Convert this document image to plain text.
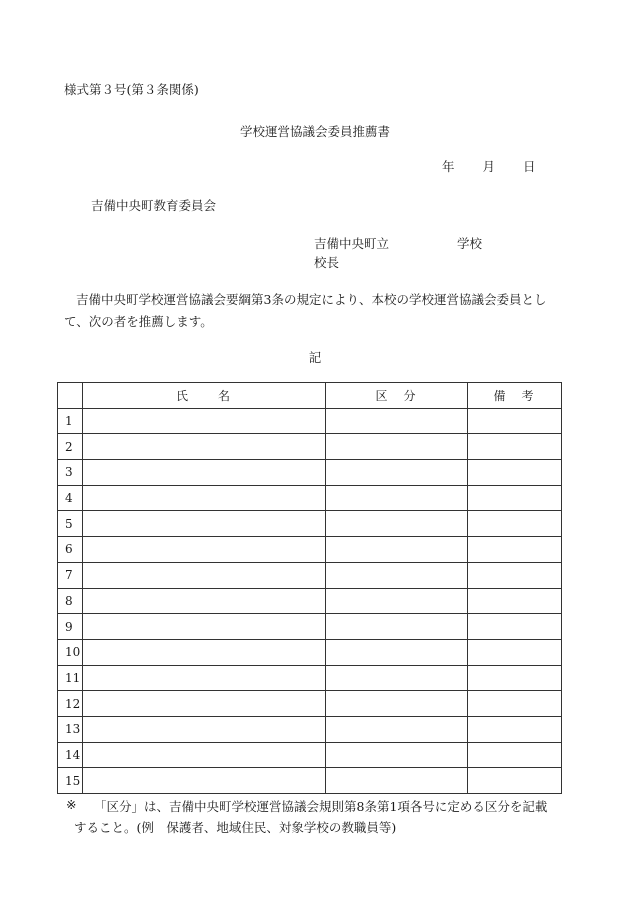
様式第３号(第３条関係)
学校運営協議会委員推薦書
年 月 日
吉備中央町教育委員会
吉備中央町立	学校
校長
吉備中央町学校運営協議会要綱第3条の規定により、本校の学校運営協議会委員として、次の者を推薦します。
記
	氏　　名	区　分	備　考
1			
2			
3			
4			
5			
6			
7			
8			
9			
10			
11			
12			
13			
14			
15			
※ 「区分」は、吉備中央町学校運営協議会規則第8条第1項各号に定める区分を記載
すること。(例　保護者、地域住民、対象学校の教職員等)
